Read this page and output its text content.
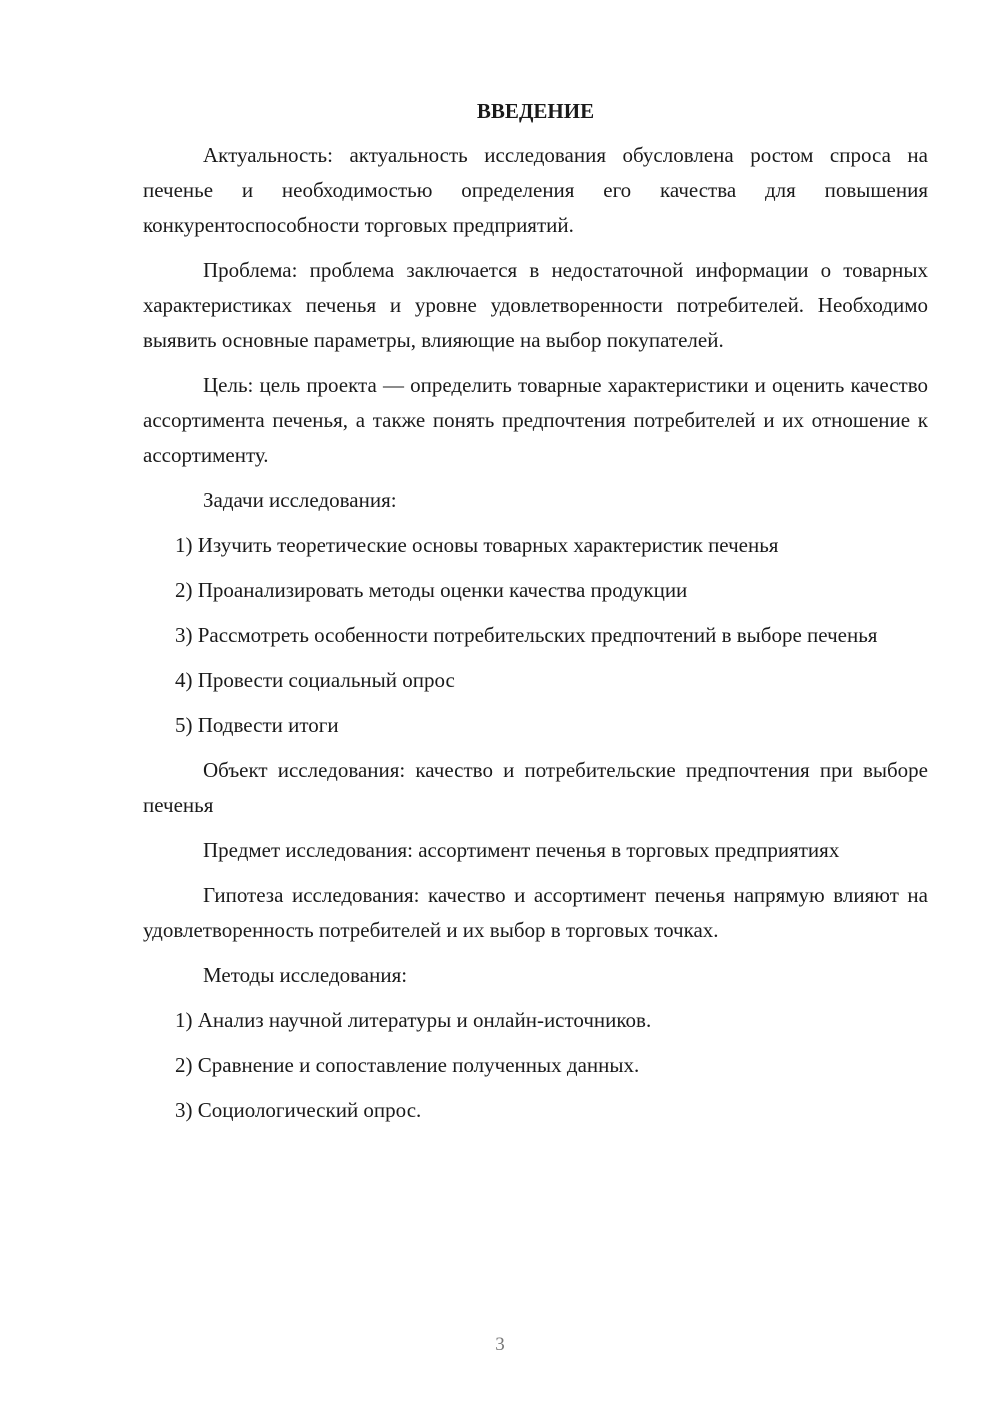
ВВЕДЕНИЕ

Актуальность: актуальность исследования обусловлена ростом спроса на печенье и необходимостью определения его качества для повышения конкурентоспособности торговых предприятий.

Проблема: проблема заключается в недостаточной информации о товарных характеристиках печенья и уровне удовлетворенности потребителей. Необходимо выявить основные параметры, влияющие на выбор покупателей.

Цель: цель проекта — определить товарные характеристики и оценить качество ассортимента печенья, а также понять предпочтения потребителей и их отношение к ассортименту.

Задачи исследования:

1) Изучить теоретические основы товарных характеристик печенья

2) Проанализировать методы оценки качества продукции

3) Рассмотреть особенности потребительских предпочтений в выборе печенья

4) Провести социальный опрос

5) Подвести итоги

Объект исследования: качество и потребительские предпочтения при выборе печенья

Предмет исследования: ассортимент печенья в торговых предприятиях

Гипотеза исследования: качество и ассортимент печенья напрямую влияют на удовлетворенность потребителей и их выбор в торговых точках.

Методы исследования:

1) Анализ научной литературы и онлайн-источников.

2) Сравнение и сопоставление полученных данных.

3) Социологический опрос.

3
